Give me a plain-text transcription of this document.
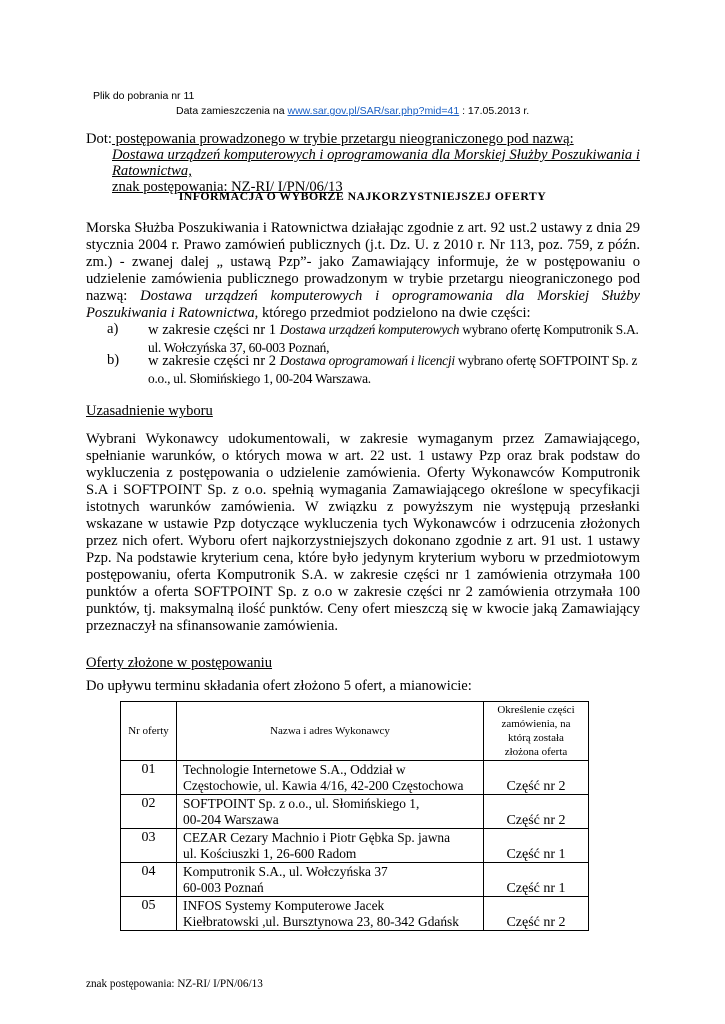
Plik do pobrania nr 11
Data zamieszczenia na www.sar.gov.pl/SAR/sar.php?mid=41 : 17.05.2013 r.
Dot: postępowania prowadzonego w trybie przetargu nieograniczonego pod nazwą:
Dostawa urządzeń komputerowych i oprogramowania dla Morskiej Służby Poszukiwania i Ratownictwa,
znak postępowania: NZ-RI/ I/PN/06/13
INFORMACJA O WYBORZE NAJKORZYSTNIEJSZEJ OFERTY

Morska Służba Poszukiwania i Ratownictwa działając zgodnie z art. 92 ust.2 ustawy z dnia 29 stycznia 2004 r. Prawo zamówień publicznych (j.t. Dz. U. z 2010 r. Nr 113, poz. 759, z późn. zm.) - zwanej dalej „ ustawą Pzp”- jako Zamawiający informuje, że w postępowaniu o udzielenie zamówienia publicznego prowadzonym w trybie przetargu nieograniczonego pod nazwą: Dostawa urządzeń komputerowych i oprogramowania dla Morskiej Służby Poszukiwania i Ratownictwa, którego przedmiot podzielono na dwie części:

a) w zakresie części nr 1 Dostawa urządzeń komputerowych wybrano ofertę Komputronik S.A. ul. Wołczyńska 37, 60-003 Poznań,
b) w zakresie części nr 2 Dostawa oprogramowań i licencji wybrano ofertę SOFTPOINT Sp. z o.o., ul. Słomińskiego 1, 00-204 Warszawa.
Uzasadnienie wyboru

Wybrani Wykonawcy udokumentowali, w zakresie wymaganym przez Zamawiającego, spełnianie warunków, o których mowa w art. 22 ust. 1 ustawy Pzp oraz brak podstaw do wykluczenia z postępowania o udzielenie zamówienia. Oferty Wykonawców Komputronik S.A i SOFTPOINT Sp. z o.o. spełnią wymagania Zamawiającego określone w specyfikacji istotnych warunków zamówienia. W związku z powyższym nie występują przesłanki wskazane w ustawie Pzp dotyczące wykluczenia tych Wykonawców i odrzucenia złożonych przez nich ofert. Wyboru ofert najkorzystniejszych dokonano zgodnie z art. 91 ust. 1 ustawy Pzp. Na podstawie kryterium cena, które było jedynym kryterium wyboru w przedmiotowym postępowaniu, oferta Komputronik S.A. w zakresie części nr 1 zamówienia otrzymała 100 punktów a oferta SOFTPOINT Sp. z o.o w zakresie części nr 2 zamówienia otrzymała 100 punktów, tj. maksymalną ilość punktów. Ceny ofert mieszczą się w kwocie jaką Zamawiający przeznaczył na sfinansowanie zamówienia.

Oferty złożone w postępowaniu
Do upływu terminu składania ofert złożono 5 ofert, a mianowicie:
Nr oferty	Nazwa i adres Wykonawcy	Określenie części zamówienia, na którą została złożona oferta
01	Technologie Internetowe S.A., Oddział w
Częstochowie, ul. Kawia 4/16, 42-200 Częstochowa	Część nr 2
02	SOFTPOINT Sp. z o.o., ul. Słomińskiego 1,
00-204 Warszawa	Część nr 2
03	CEZAR Cezary Machnio i Piotr Gębka Sp. jawna
ul. Kościuszki 1, 26-600 Radom	Część nr 1
04	Komputronik S.A., ul. Wołczyńska 37
60-003 Poznań	Część nr 1
05	INFOS Systemy Komputerowe Jacek
Kiełbratowski ,ul. Bursztynowa 23, 80-342 Gdańsk	Część nr 2
znak postępowania: NZ-RI/ I/PN/06/13
